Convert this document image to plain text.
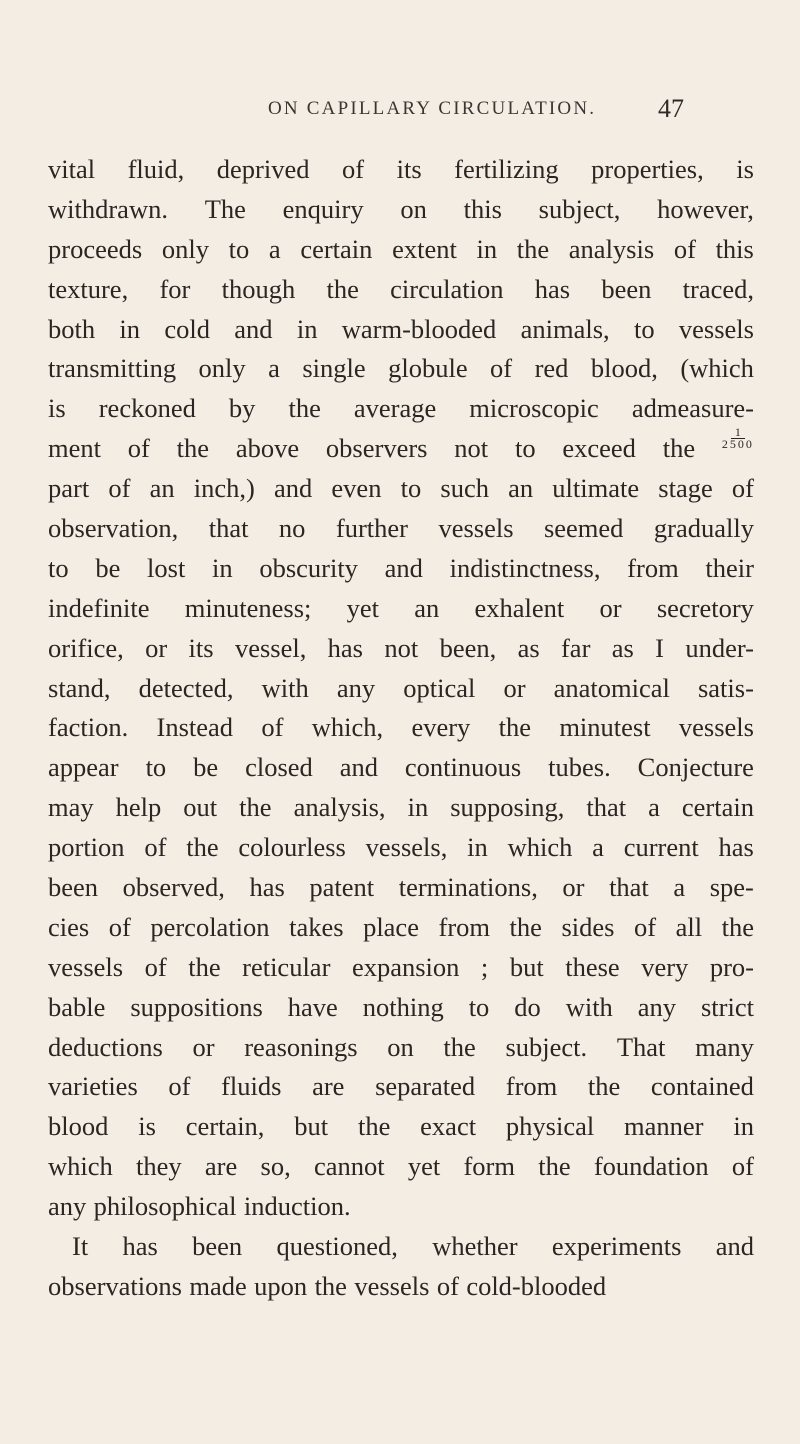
ON CAPILLARY CIRCULATION. 47
vital fluid, deprived of its fertilizing properties, is
withdrawn. The enquiry on this subject, however,
proceeds only to a certain extent in the analysis of this
texture, for though the circulation has been traced,
both in cold and in warm-blooded animals, to vessels
transmitting only a single globule of red blood, (which
is reckoned by the average microscopic admeasure-
ment of the above observers not to exceed the $\frac{1}{2500}$
part of an inch,) and even to such an ultimate stage of
observation, that no further vessels seemed gradually
to be lost in obscurity and indistinctness, from their
indefinite minuteness; yet an exhalent or secretory
orifice, or its vessel, has not been, as far as I under-
stand, detected, with any optical or anatomical satis-
faction. Instead of which, every the minutest vessels
appear to be closed and continuous tubes. Conjecture
may help out the analysis, in supposing, that a certain
portion of the colourless vessels, in which a current has
been observed, has patent terminations, or that a spe-
cies of percolation takes place from the sides of all the
vessels of the reticular expansion ; but these very pro-
bable suppositions have nothing to do with any strict
deductions or reasonings on the subject. That many
varieties of fluids are separated from the contained
blood is certain, but the exact physical manner in
which they are so, cannot yet form the foundation of
any philosophical induction.
It has been questioned, whether experiments and
observations made upon the vessels of cold-blooded
